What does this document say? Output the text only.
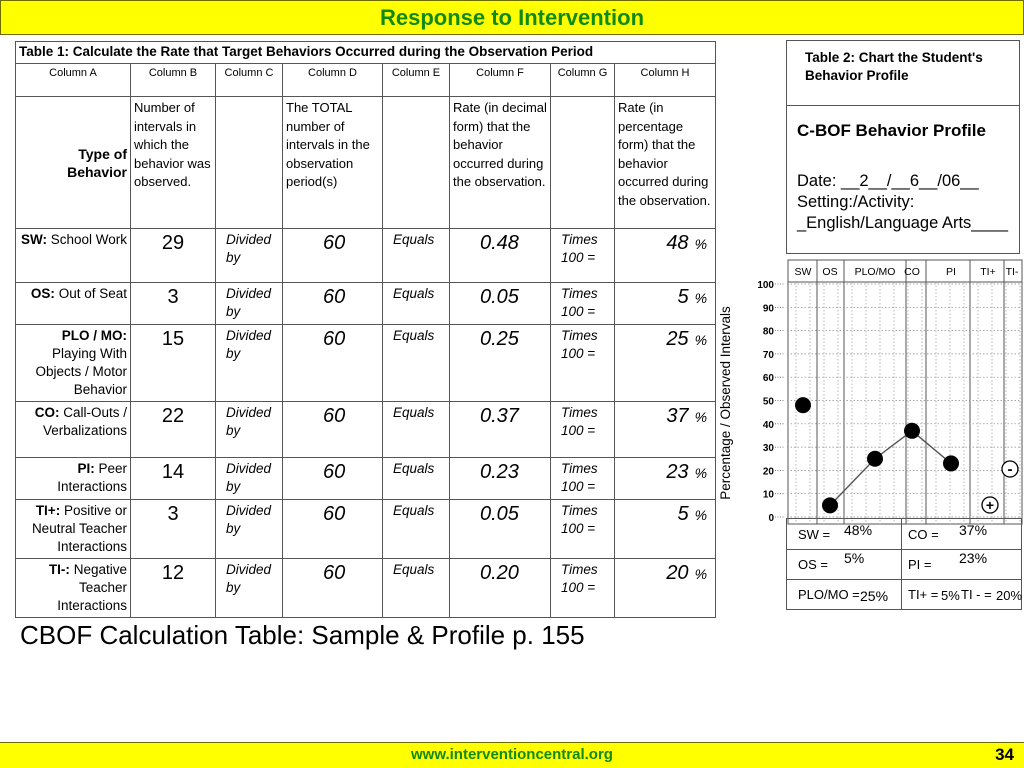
Response to Intervention
Table 1: Calculate the Rate that Target Behaviors Occurred during the Observation Period							
Column A	Column B	Column C	Column D	Column E	Column F	Column G	Column H
Type of Behavior	Number of intervals in which the behavior was observed.		The TOTAL number of intervals in the observation period(s)		Rate (in decimal form) that the behavior occurred during the observation.		Rate (in percentage form) that the behavior occurred during the observation.
SW: School Work	29	Divided by	60	Equals	0.48	Times 100 =	48 %
OS: Out of Seat	3	Divided by	60	Equals	0.05	Times 100 =	5 %
PLO / MO: Playing With Objects / Motor Behavior	15	Divided by	60	Equals	0.25	Times 100 =	25 %
CO: Call-Outs / Verbalizations	22	Divided by	60	Equals	0.37	Times 100 =	37 %
PI: Peer Interactions	14	Divided by	60	Equals	0.23	Times 100 =	23 %
TI+: Positive or Neutral Teacher Interactions	3	Divided by	60	Equals	0.05	Times 100 =	5 %
TI-: Negative Teacher Interactions	12	Divided by	60	Equals	0.20	Times 100 =	20 %
CBOF Calculation Table: Sample & Profile p. 155
Table 2: Chart the Student's
Behavior Profile
C-BOF Behavior Profile
Date: __2__/__6__/06__
Setting:/Activity:
_English/Language Arts____
100
90
80
70
60
50
40
30
20
10
0
Percentage / Observed Intervals
SW OS PLO/MO CO PI TI+ TI-
-
+
SW = 48%	CO = 37%
OS = 5%	PI = 23%
PLO/MO = 25% TI+ = 5% TI - = 20%
www.interventioncentral.org	34
